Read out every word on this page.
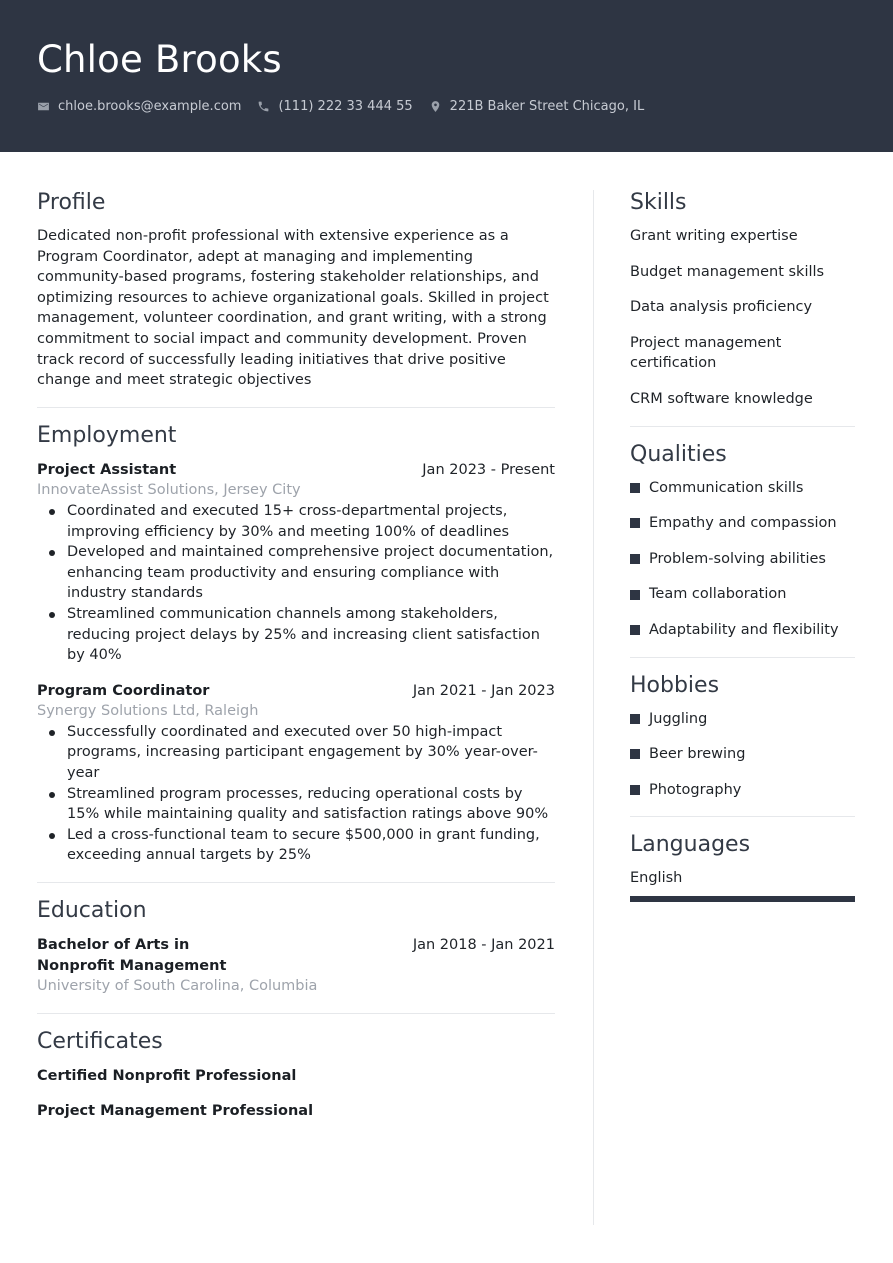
Chloe Brooks
chloe.brooks@example.com	(111) 222 33 444 55	221B Baker Street Chicago, IL
Profile
Dedicated non-profit professional with extensive experience as a Program Coordinator, adept at managing and implementing community-based programs, fostering stakeholder relationships, and optimizing resources to achieve organizational goals. Skilled in project management, volunteer coordination, and grant writing, with a strong commitment to social impact and community development. Proven track record of successfully leading initiatives that drive positive change and meet strategic objectives
Employment
Project Assistant	Jan 2023 - Present
InnovateAssist Solutions, Jersey City
Coordinated and executed 15+ cross-departmental projects, improving efficiency by 30% and meeting 100% of deadlines
Developed and maintained comprehensive project documentation, enhancing team productivity and ensuring compliance with industry standards
Streamlined communication channels among stakeholders, reducing project delays by 25% and increasing client satisfaction by 40%
Program Coordinator	Jan 2021 - Jan 2023
Synergy Solutions Ltd, Raleigh
Successfully coordinated and executed over 50 high-impact programs, increasing participant engagement by 30% year-over-year
Streamlined program processes, reducing operational costs by 15% while maintaining quality and satisfaction ratings above 90%
Led a cross-functional team to secure $500,000 in grant funding, exceeding annual targets by 25%
Education
Bachelor of Arts in Nonprofit Management
Jan 2018 - Jan 2021
University of South Carolina, Columbia
Certificates
Certified Nonprofit Professional
Project Management Professional
Skills
Grant writing expertise
Budget management skills
Data analysis proficiency
Project management certification
CRM software knowledge
Qualities
Communication skills
Empathy and compassion
Problem-solving abilities
Team collaboration
Adaptability and flexibility
Hobbies
Juggling
Beer brewing
Photography
Languages
English
